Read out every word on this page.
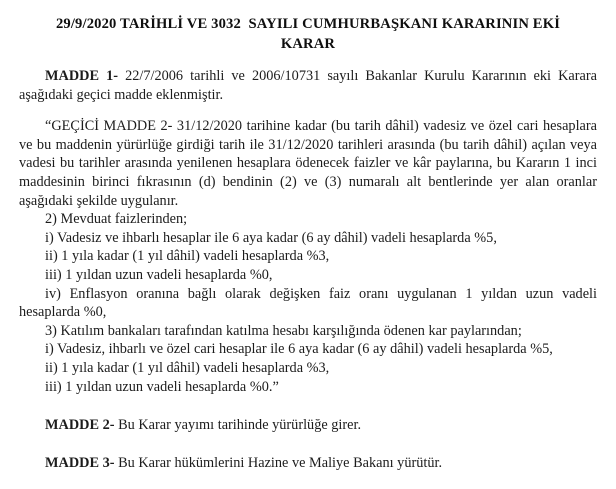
29/9/2020 TARİHLİ VE 3032  SAYILI CUMHURBAŞKANI KARARININ EKİ
KARAR

MADDE 1- 22/7/2006 tarihli ve 2006/10731 sayılı Bakanlar Kurulu Kararının eki Karara aşağıdaki geçici madde eklenmiştir.

“GEÇİCİ MADDE 2- 31/12/2020 tarihine kadar (bu tarih dâhil) vadesiz ve özel cari hesaplara ve bu maddenin yürürlüğe girdiği tarih ile 31/12/2020 tarihleri arasında (bu tarih dâhil) açılan veya vadesi bu tarihler arasında yenilenen hesaplara ödenecek faizler ve kâr paylarına, bu Kararın 1 inci maddesinin birinci fıkrasının (d) bendinin (2) ve (3) numaralı alt bentlerinde yer alan oranlar aşağıdaki şekilde uygulanır.

2) Mevduat faizlerinden;

i) Vadesiz ve ihbarlı hesaplar ile 6 aya kadar (6 ay dâhil) vadeli hesaplarda %5,

ii) 1 yıla kadar (1 yıl dâhil) vadeli hesaplarda %3,

iii) 1 yıldan uzun vadeli hesaplarda %0,

iv) Enflasyon oranına bağlı olarak değişken faiz oranı uygulanan 1 yıldan uzun vadeli hesaplarda %0,

3) Katılım bankaları tarafından katılma hesabı karşılığında ödenen kar paylarından;

i) Vadesiz, ihbarlı ve özel cari hesaplar ile 6 aya kadar (6 ay dâhil) vadeli hesaplarda %5,

ii) 1 yıla kadar (1 yıl dâhil) vadeli hesaplarda %3,

iii) 1 yıldan uzun vadeli hesaplarda %0.”

MADDE 2- Bu Karar yayımı tarihinde yürürlüğe girer.

MADDE 3- Bu Karar hükümlerini Hazine ve Maliye Bakanı yürütür.
